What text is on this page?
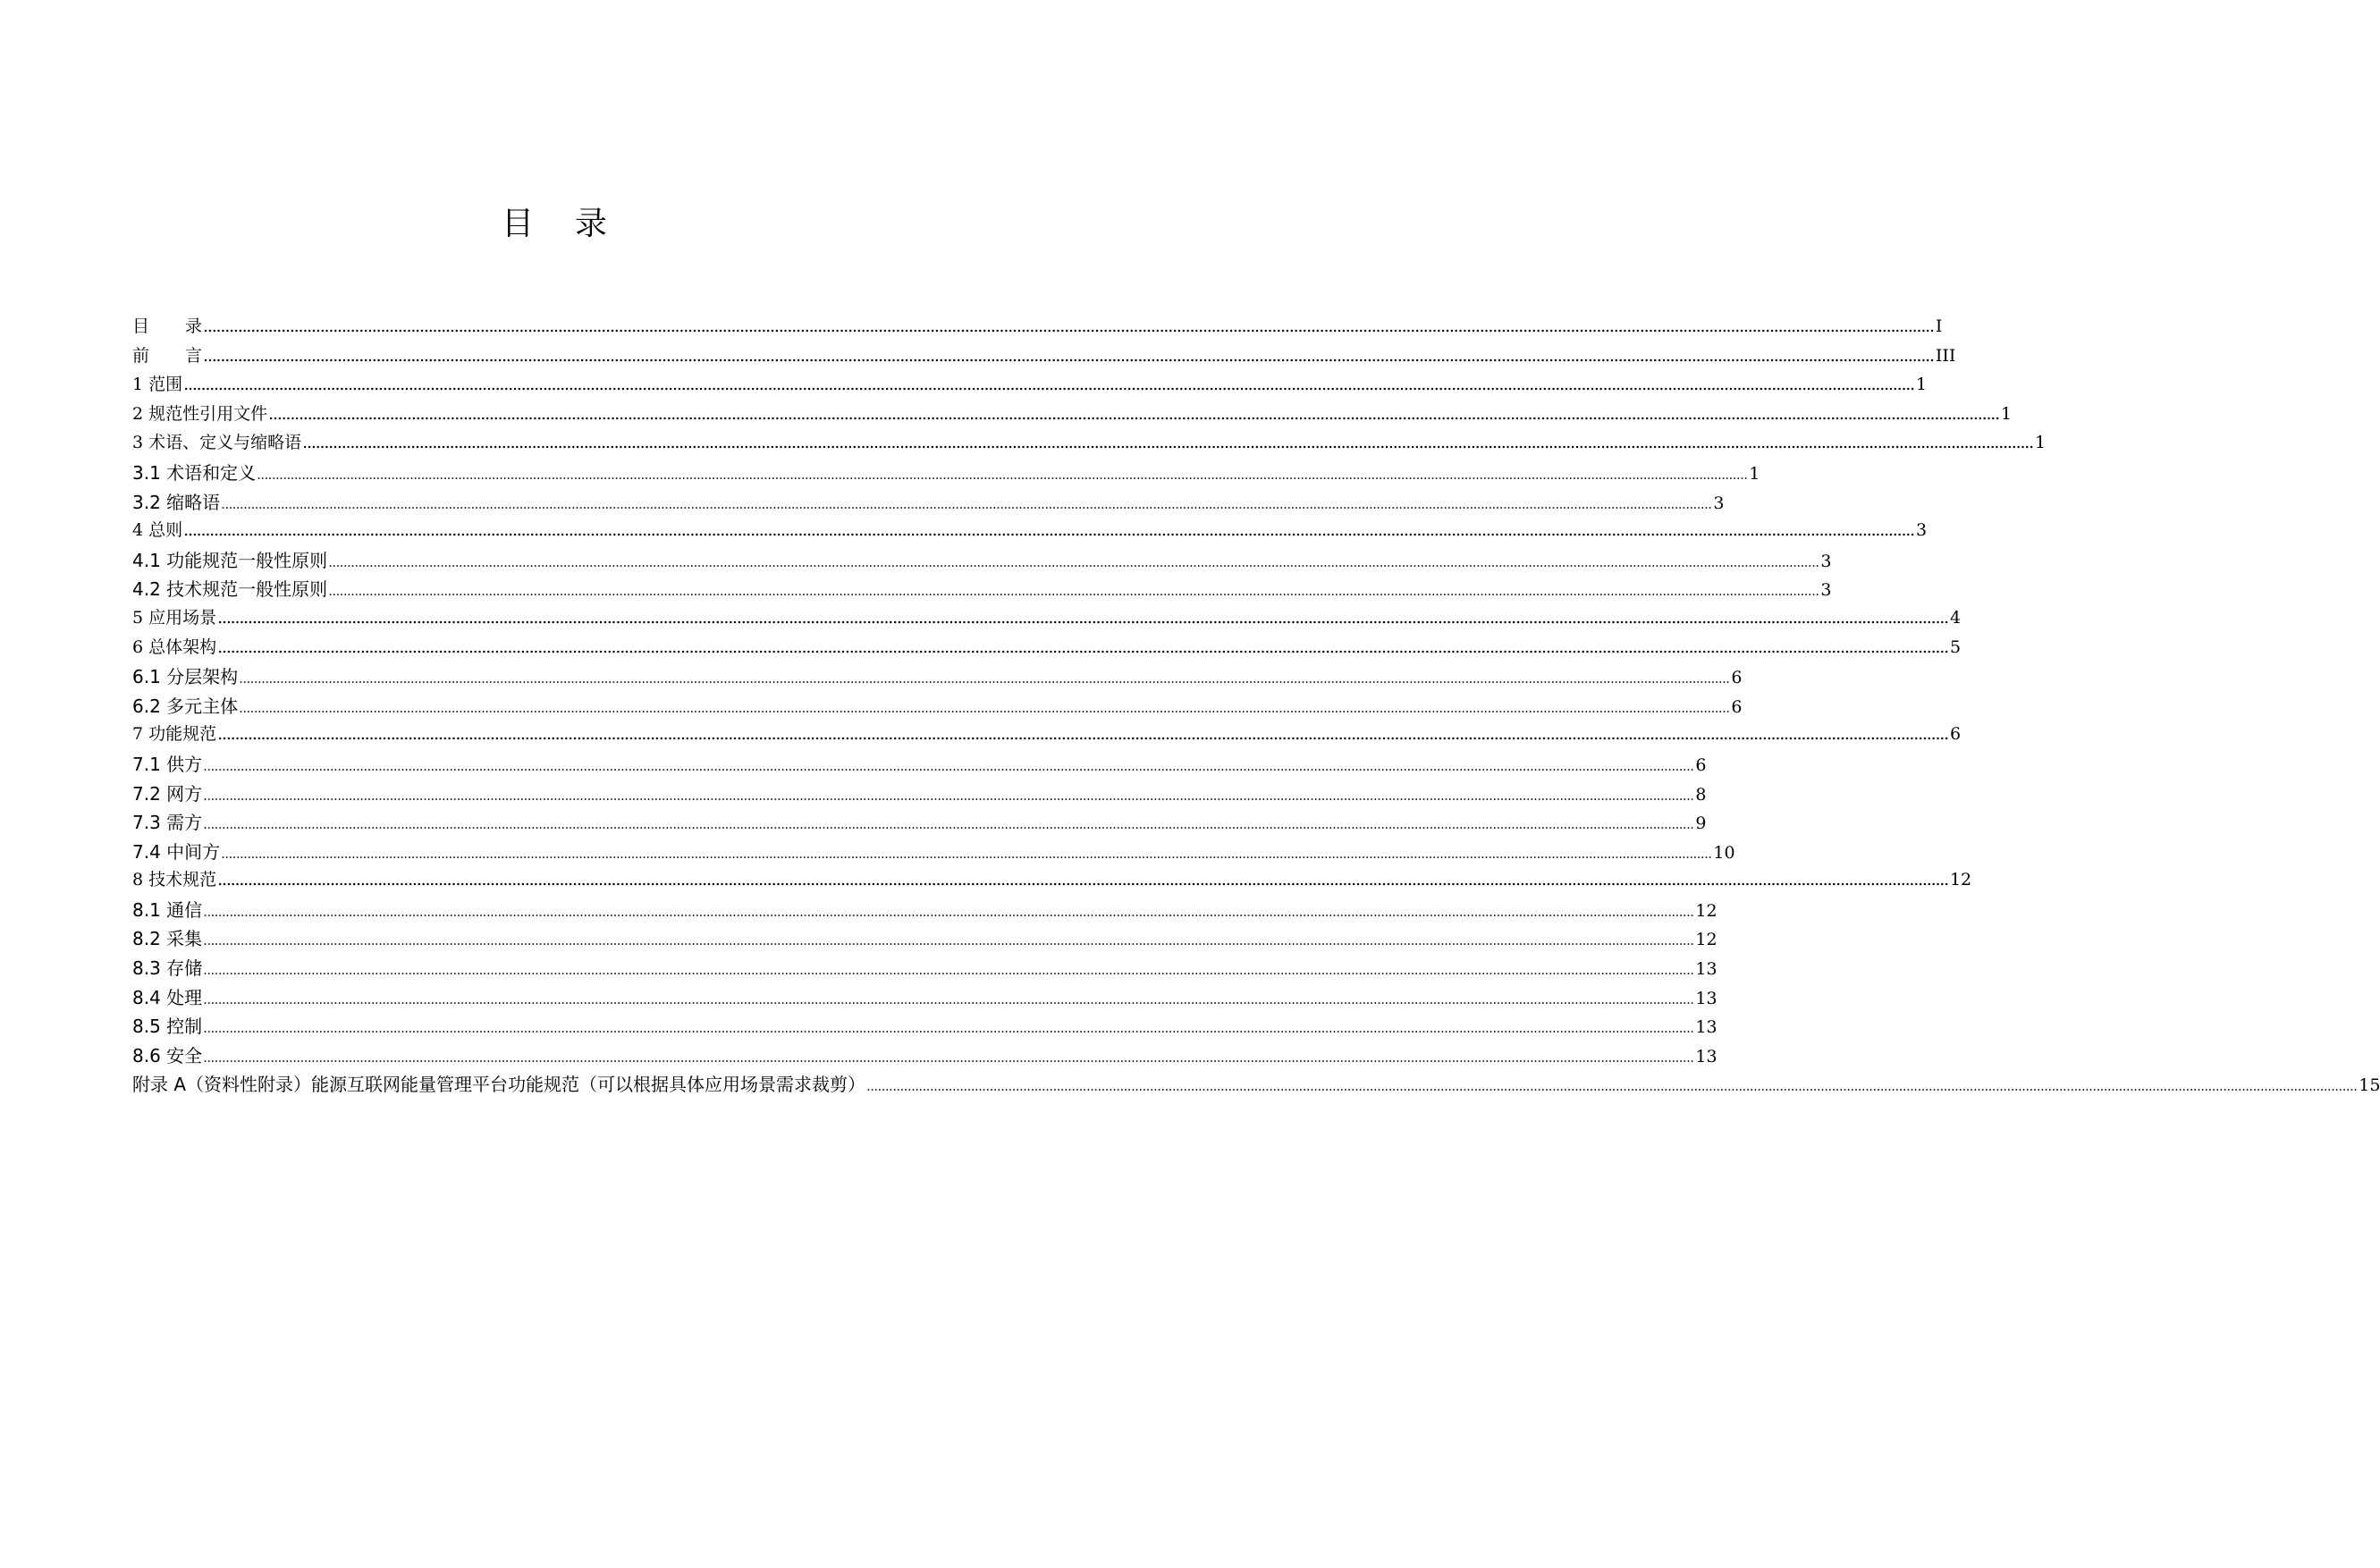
目 录
目 录 ................................................................................................................................................................................................................................................................................................................................................................................................................ I
前 言 ................................................................................................................................................................................................................................................................................................................................................................................................................ III
1 范围 ................................................................................................................................................................................................................................................................................................................................................................................................................ 1
2 规范性引用文件 ................................................................................................................................................................................................................................................................................................................................................................................................................ 1
3 术语、定义与缩略语 ................................................................................................................................................................................................................................................................................................................................................................................................................ 1
3.1 术语和定义 ................................................................................................................................................................................................................................................................................................................................................................................................................ 1
3.2 缩略语 ................................................................................................................................................................................................................................................................................................................................................................................................................ 3
4 总则 ................................................................................................................................................................................................................................................................................................................................................................................................................ 3
4.1 功能规范一般性原则 ................................................................................................................................................................................................................................................................................................................................................................................................................ 3
4.2 技术规范一般性原则 ................................................................................................................................................................................................................................................................................................................................................................................................................ 3
5 应用场景 ................................................................................................................................................................................................................................................................................................................................................................................................................ 4
6 总体架构 ................................................................................................................................................................................................................................................................................................................................................................................................................ 5
6.1 分层架构 ................................................................................................................................................................................................................................................................................................................................................................................................................ 6
6.2 多元主体 ................................................................................................................................................................................................................................................................................................................................................................................................................ 6
7 功能规范 ................................................................................................................................................................................................................................................................................................................................................................................................................ 6
7.1 供方 ................................................................................................................................................................................................................................................................................................................................................................................................................ 6
7.2 网方 ................................................................................................................................................................................................................................................................................................................................................................................................................ 8
7.3 需方 ................................................................................................................................................................................................................................................................................................................................................................................................................ 9
7.4 中间方 ................................................................................................................................................................................................................................................................................................................................................................................................................ 10
8 技术规范 ................................................................................................................................................................................................................................................................................................................................................................................................................ 12
8.1 通信 ................................................................................................................................................................................................................................................................................................................................................................................................................ 12
8.2 采集 ................................................................................................................................................................................................................................................................................................................................................................................................................ 12
8.3 存储 ................................................................................................................................................................................................................................................................................................................................................................................................................ 13
8.4 处理 ................................................................................................................................................................................................................................................................................................................................................................................................................ 13
8.5 控制 ................................................................................................................................................................................................................................................................................................................................................................................................................ 13
8.6 安全 ................................................................................................................................................................................................................................................................................................................................................................................................................ 13
附录 A（资料性附录）能源互联网能量管理平台功能规范（可以根据具体应用场景需求裁剪） ................................................................................................................................................................................................................................................................................................................................................................................................................ 15
